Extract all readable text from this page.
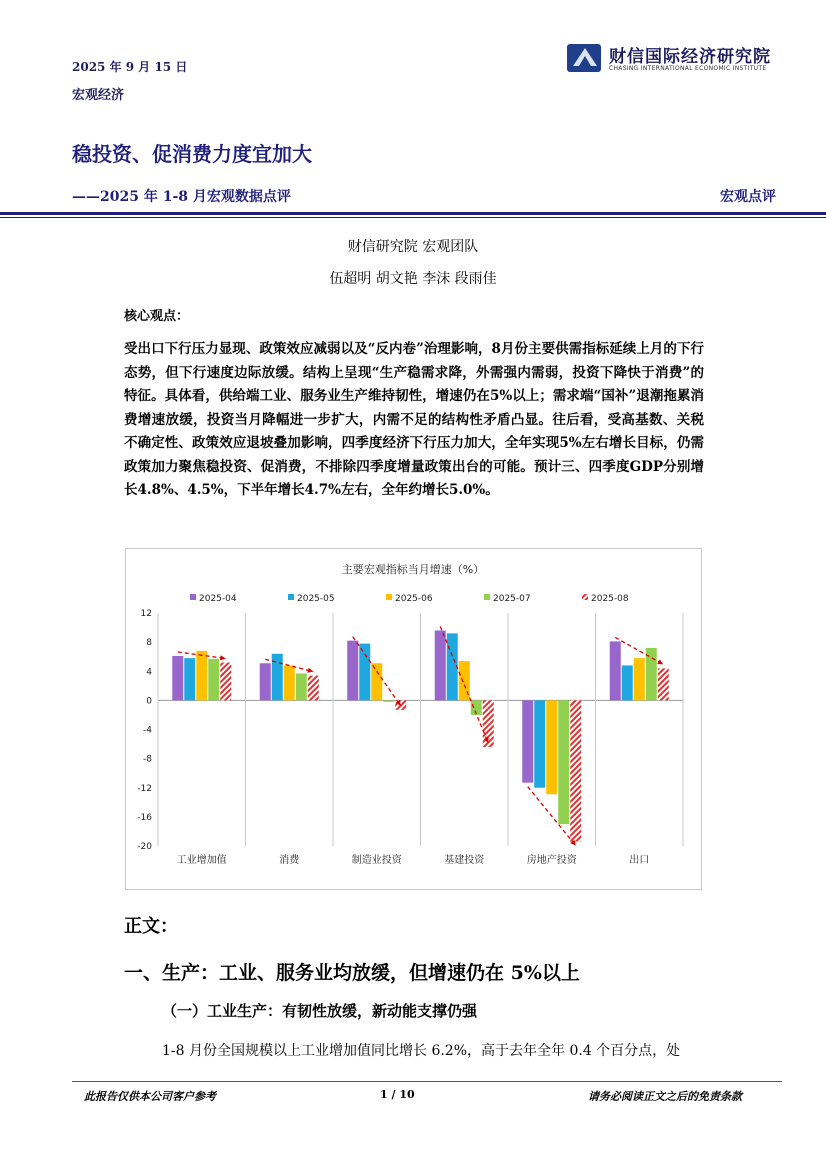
2025 年 9 月 15 日
宏观经济
财信国际经济研究院
CHASING INTERNATIONAL ECONOMIC INSTITUTE
稳投资、促消费力度宜加大
——2025 年 1-8 月宏观数据点评	宏观点评
财信研究院 宏观团队
伍超明 胡文艳 李沫 段雨佳
核心观点：

受出口下行压力显现、政策效应减弱以及“反内卷”治理影响，8月份主要供需指标延续上月的下行态势，但下行速度边际放缓。结构上呈现“生产稳需求降，外需强内需弱，投资下降快于消费”的特征。具体看，供给端工业、服务业生产维持韧性，增速仍在5%以上；需求端“国补”退潮拖累消费增速放缓，投资当月降幅进一步扩大，内需不足的结构性矛盾凸显。往后看，受高基数、关税不确定性、政策效应退坡叠加影响，四季度经济下行压力加大，全年实现5%左右增长目标，仍需政策加力聚焦稳投资、促消费，不排除四季度增量政策出台的可能。预计三、四季度GDP分别增长4.8%、4.5%，下半年增长4.7%左右，全年约增长5.0%。

主要宏观指标当月增速（%）
2025-04	2025-05	2025-06	2025-07	2025-08
12
8
4
0
-4
-8
-12
-16
-20
工业增加值	消费	制造业投资	基建投资	房地产投资	出口
正文：
一、生产：工业、服务业均放缓，但增速仍在 5%以上
（一）工业生产：有韧性放缓，新动能支撑仍强
1-8 月份全国规模以上工业增加值同比增长 6.2%，高于去年全年 0.4 个百分点，处
此报告仅供本公司客户参考	1 / 10	请务必阅读正文之后的免责条款
